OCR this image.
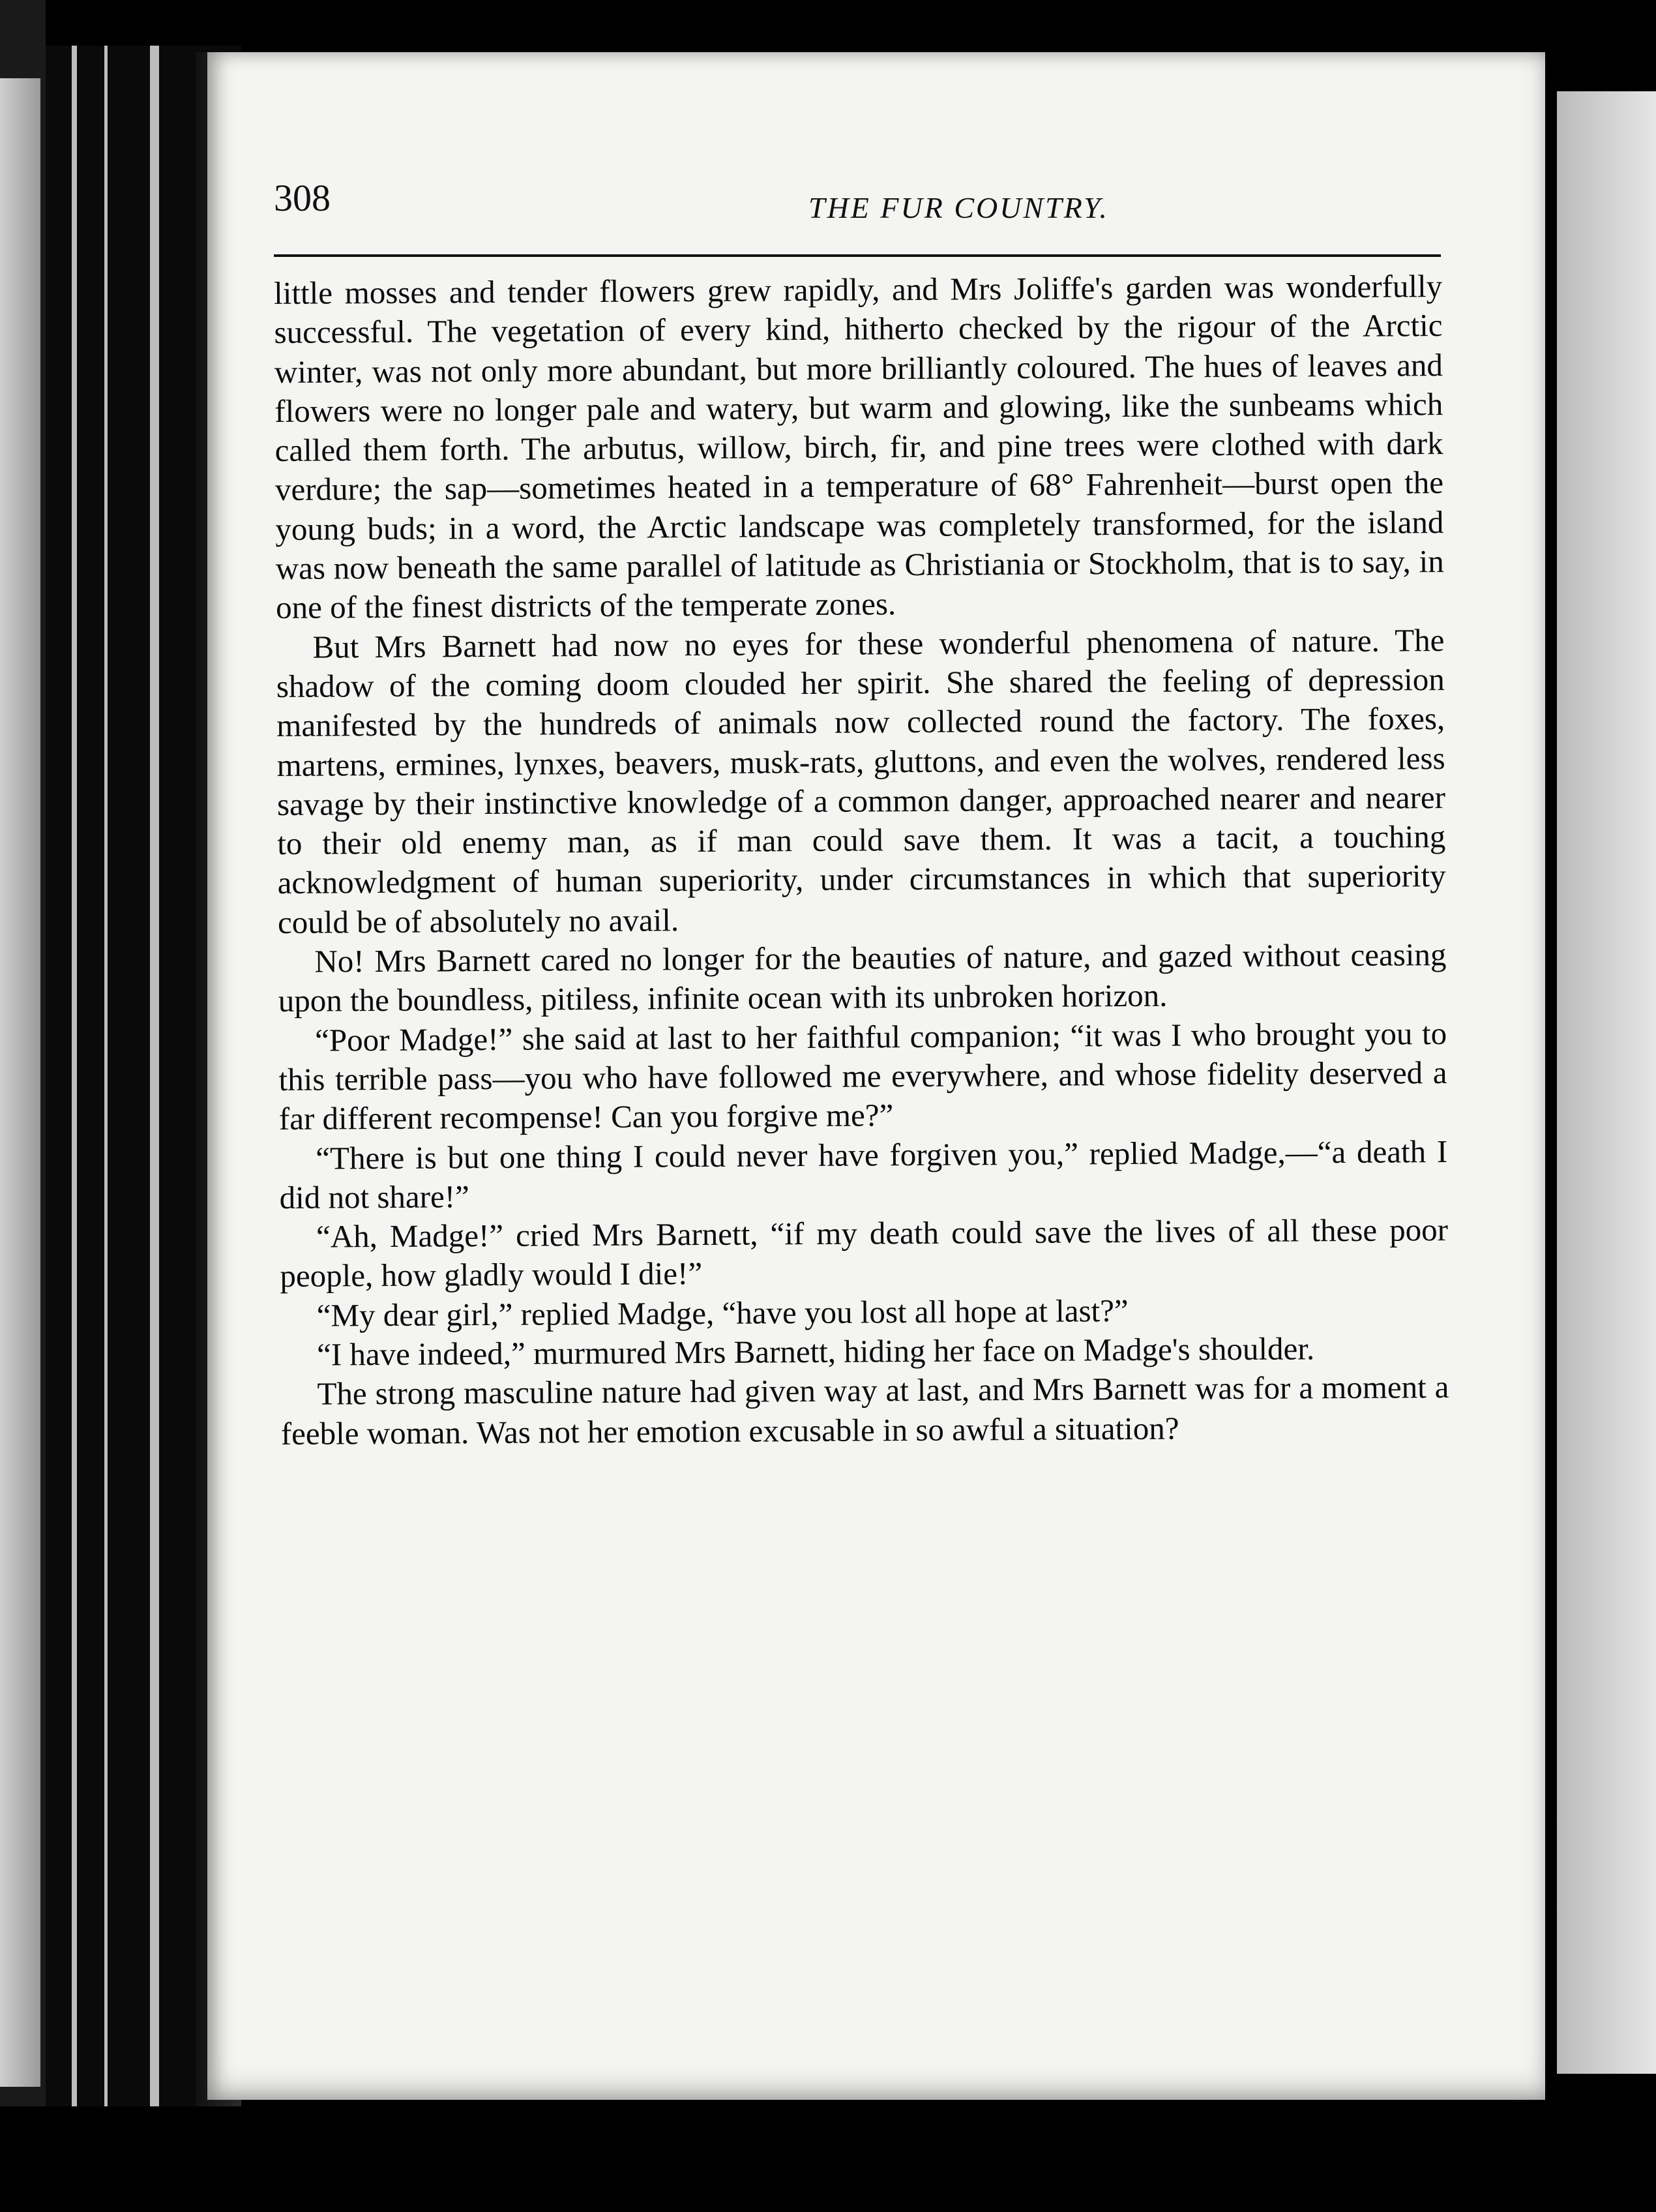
308	THE FUR COUNTRY.

little mosses and tender flowers grew rapidly, and Mrs Joliffe's garden was wonderfully successful. The vegetation of every kind, hitherto checked by the rigour of the Arctic winter, was not only more abundant, but more brilliantly coloured. The hues of leaves and flowers were no longer pale and watery, but warm and glowing, like the sunbeams which called them forth. The arbutus, willow, birch, fir, and pine trees were clothed with dark verdure; the sap—sometimes heated in a temperature of 68° Fahrenheit—burst open the young buds; in a word, the Arctic landscape was completely transformed, for the island was now beneath the same parallel of latitude as Christiania or Stockholm, that is to say, in one of the finest districts of the temperate zones.

But Mrs Barnett had now no eyes for these wonderful phenomena of nature. The shadow of the coming doom clouded her spirit. She shared the feeling of depression manifested by the hundreds of animals now collected round the factory. The foxes, martens, ermines, lynxes, beavers, musk-rats, gluttons, and even the wolves, rendered less savage by their instinctive knowledge of a common danger, approached nearer and nearer to their old enemy man, as if man could save them. It was a tacit, a touching acknowledgment of human superiority, under circumstances in which that superiority could be of absolutely no avail.

No! Mrs Barnett cared no longer for the beauties of nature, and gazed without ceasing upon the boundless, pitiless, infinite ocean with its unbroken horizon.

“Poor Madge!” she said at last to her faithful companion; “it was I who brought you to this terrible pass—you who have followed me everywhere, and whose fidelity deserved a far different recompense! Can you forgive me?”

“There is but one thing I could never have forgiven you,” replied Madge,—“a death I did not share!”

“Ah, Madge!” cried Mrs Barnett, “if my death could save the lives of all these poor people, how gladly would I die!”

“My dear girl,” replied Madge, “have you lost all hope at last?”

“I have indeed,” murmured Mrs Barnett, hiding her face on Madge's shoulder.

The strong masculine nature had given way at last, and Mrs Barnett was for a moment a feeble woman. Was not her emotion excusable in so awful a situation?
